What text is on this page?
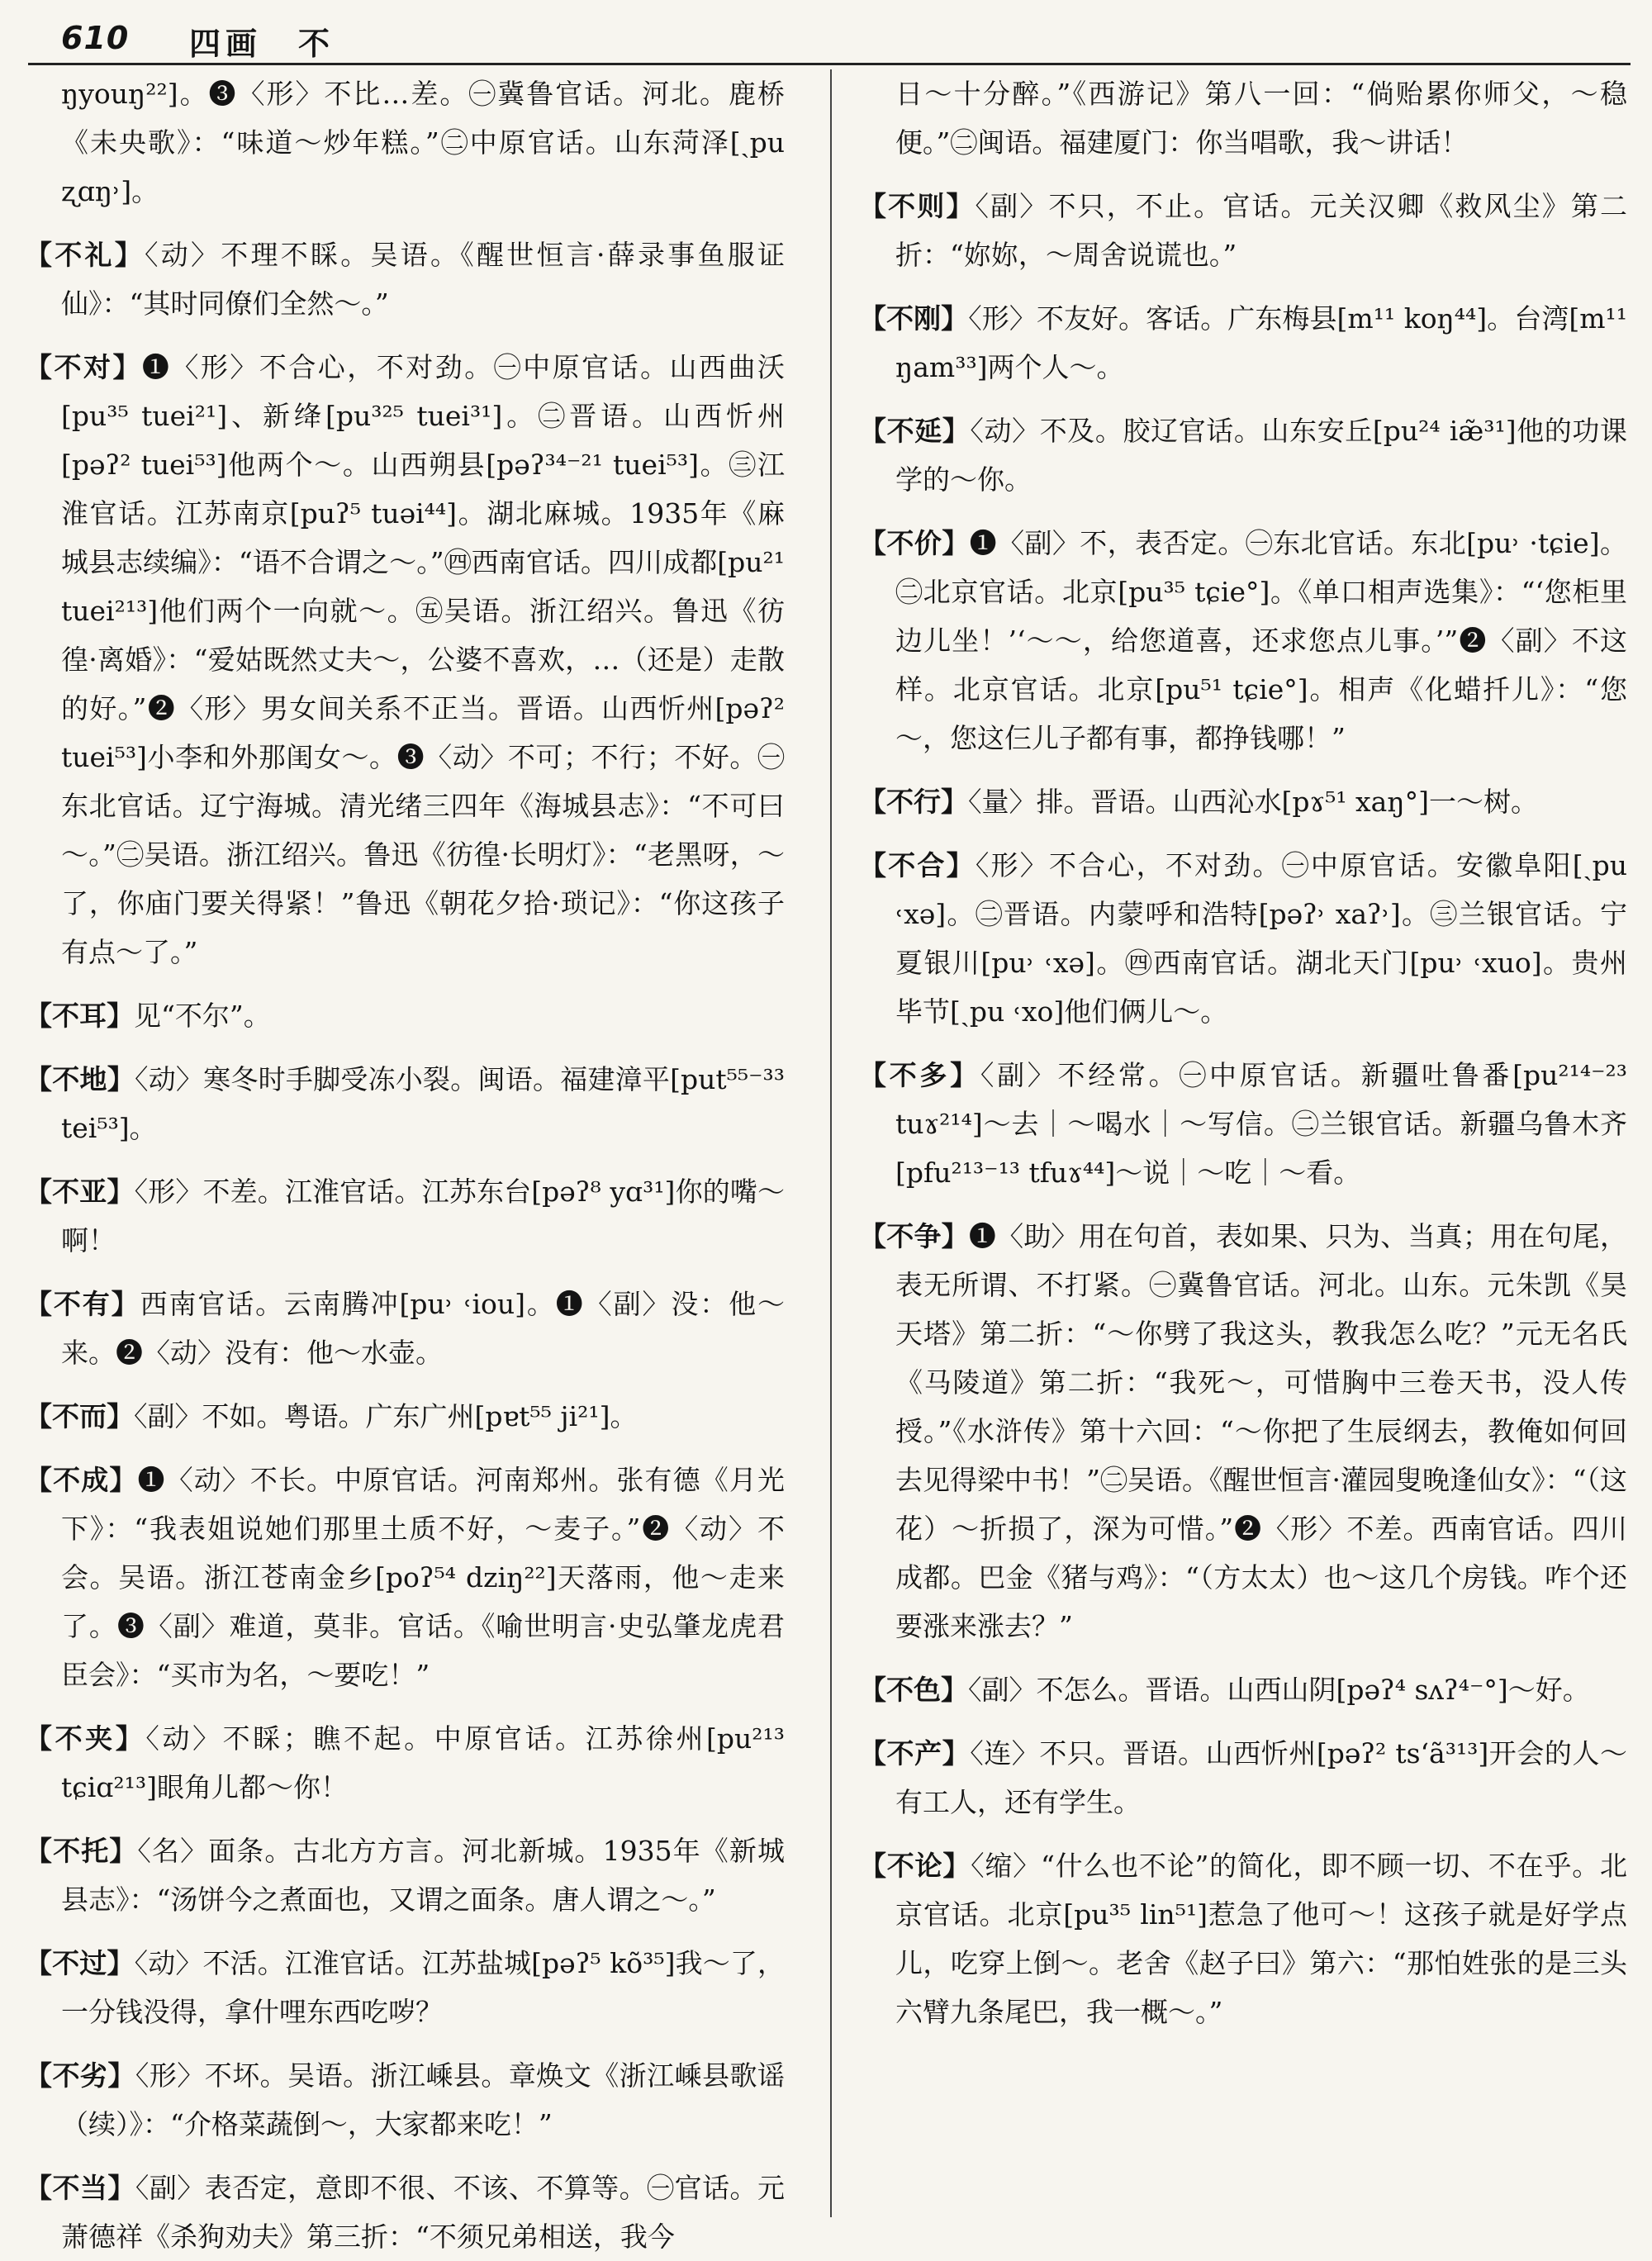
610 四画　不
ŋyouŋ²²]。❸〈形〉不比…差。㊀冀鲁官话。河北。鹿桥《未央歌》：“味道～炒年糕。”㊁中原官话。山东菏泽[ˏpu ʐɑŋ˒]。
【不礼】〈动〉不理不睬。吴语。《醒世恒言·薛录事鱼服证仙》：“其时同僚们全然～。”
【不对】❶〈形〉不合心，不对劲。㊀中原官话。山西曲沃[pu³⁵ tuei²¹]、新绛[pu³²⁵ tuei³¹]。㊁晋语。山西忻州[pəʔ² tuei⁵³]他两个～。山西朔县[pəʔ³⁴⁻²¹ tuei⁵³]。㊂江淮官话。江苏南京[puʔ⁵ tuəi⁴⁴]。湖北麻城。1935年《麻城县志续编》：“语不合谓之～。”㊃西南官话。四川成都[pu²¹ tuei²¹³]他们两个一向就～。㊄吴语。浙江绍兴。鲁迅《彷徨·离婚》：“爱姑既然丈夫～，公婆不喜欢，…（还是）走散的好。”❷〈形〉男女间关系不正当。晋语。山西忻州[pəʔ² tuei⁵³]小李和外那闺女～。❸〈动〉不可；不行；不好。㊀东北官话。辽宁海城。清光绪三四年《海城县志》：“不可曰～。”㊁吴语。浙江绍兴。鲁迅《彷徨·长明灯》：“老黑呀，～了，你庙门要关得紧！”鲁迅《朝花夕拾·琐记》：“你这孩子有点～了。”
【不耳】见“不尔”。
【不地】〈动〉寒冬时手脚受冻小裂。闽语。福建漳平[put⁵⁵⁻³³ tei⁵³]。
【不亚】〈形〉不差。江淮官话。江苏东台[pəʔ⁸ yɑ³¹]你的嘴～啊！
【不有】西南官话。云南腾冲[pu˒ ˓iou]。❶〈副〉没：他～来。❷〈动〉没有：他～水壶。
【不而】〈副〉不如。粤语。广东广州[pɐt⁵⁵ ji²¹]。
【不成】❶〈动〉不长。中原官话。河南郑州。张有德《月光下》：“我表姐说她们那里土质不好，～麦子。”❷〈动〉不会。吴语。浙江苍南金乡[poʔ⁵⁴ dziŋ²²]天落雨，他～走来了。❸〈副〉难道，莫非。官话。《喻世明言·史弘肇龙虎君臣会》：“买市为名，～要吃！”
【不夹】〈动〉不睬；瞧不起。中原官话。江苏徐州[pu²¹³ tɕiɑ²¹³]眼角儿都～你！
【不托】〈名〉面条。古北方方言。河北新城。1935年《新城县志》：“汤饼今之煮面也，又谓之面条。唐人谓之～。”
【不过】〈动〉不活。江淮官话。江苏盐城[pəʔ⁵ kõ³⁵]我～了，一分钱没得，拿什哩东西吃哕？
【不劣】〈形〉不坏。吴语。浙江嵊县。章焕文《浙江嵊县歌谣（续）》：“介格菜蔬倒～，大家都来吃！”
【不当】〈副〉表否定，意即不很、不该、不算等。㊀官话。元萧德祥《杀狗劝夫》第三折：“不须兄弟相送，我今
日～十分醉。”《西游记》第八一回：“倘贻累你师父，～稳便。”㊁闽语。福建厦门：你当唱歌，我～讲话！
【不则】〈副〉不只，不止。官话。元关汉卿《救风尘》第二折：“妳妳，～周舍说谎也。”
【不刚】〈形〉不友好。客话。广东梅县[m¹¹ koŋ⁴⁴]。台湾[m¹¹ ŋam³³]两个人～。
【不延】〈动〉不及。胶辽官话。山东安丘[pu²⁴ iæ̃³¹]他的功课学的～你。
【不价】❶〈副〉不，表否定。㊀东北官话。东北[pu˒ ·tɕie]。㊁北京官话。北京[pu³⁵ tɕie°]。《单口相声选集》：“‘您柜里边儿坐！’‘～～，给您道喜，还求您点儿事。’”❷〈副〉不这样。北京官话。北京[pu⁵¹ tɕie°]。相声《化蜡扦儿》：“您～，您这仨儿子都有事，都挣钱哪！”
【不行】〈量〉排。晋语。山西沁水[pɤ⁵¹ xaŋ°]一～树。
【不合】〈形〉不合心，不对劲。㊀中原官话。安徽阜阳[ˏpu ˓xə]。㊁晋语。内蒙呼和浩特[pəʔ˒ xaʔ˒]。㊂兰银官话。宁夏银川[pu˒ ˓xə]。㊃西南官话。湖北天门[pu˒ ˓xuo]。贵州毕节[ˏpu ˓xo]他们俩儿～。
【不多】〈副〉不经常。㊀中原官话。新疆吐鲁番[pu²¹⁴⁻²³ tuɤ²¹⁴]～去｜～喝水｜～写信。㊁兰银官话。新疆乌鲁木齐[pfu²¹³⁻¹³ tfuɤ⁴⁴]～说｜～吃｜～看。
【不争】❶〈助〉用在句首，表如果、只为、当真；用在句尾，表无所谓、不打紧。㊀冀鲁官话。河北。山东。元朱凯《昊天塔》第二折：“～你劈了我这头，教我怎么吃？”元无名氏《马陵道》第二折：“我死～，可惜胸中三卷天书，没人传授。”《水浒传》第十六回：“～你把了生辰纲去，教俺如何回去见得梁中书！”㊁吴语。《醒世恒言·灌园叟晚逢仙女》：“（这花）～折损了，深为可惜。”❷〈形〉不差。西南官话。四川成都。巴金《猪与鸡》：“（方太太）也～这几个房钱。咋个还要涨来涨去？”
【不色】〈副〉不怎么。晋语。山西山阴[pəʔ⁴ sʌʔ⁴⁻°]～好。
【不产】〈连〉不只。晋语。山西忻州[pəʔ² tsʻã³¹³]开会的人～有工人，还有学生。
【不论】〈缩〉“什么也不论”的简化，即不顾一切、不在乎。北京官话。北京[pu³⁵ lin⁵¹]惹急了他可～！这孩子就是好学点儿，吃穿上倒～。老舍《赵子曰》第六：“那怕姓张的是三头六臂九条尾巴，我一概～。”
